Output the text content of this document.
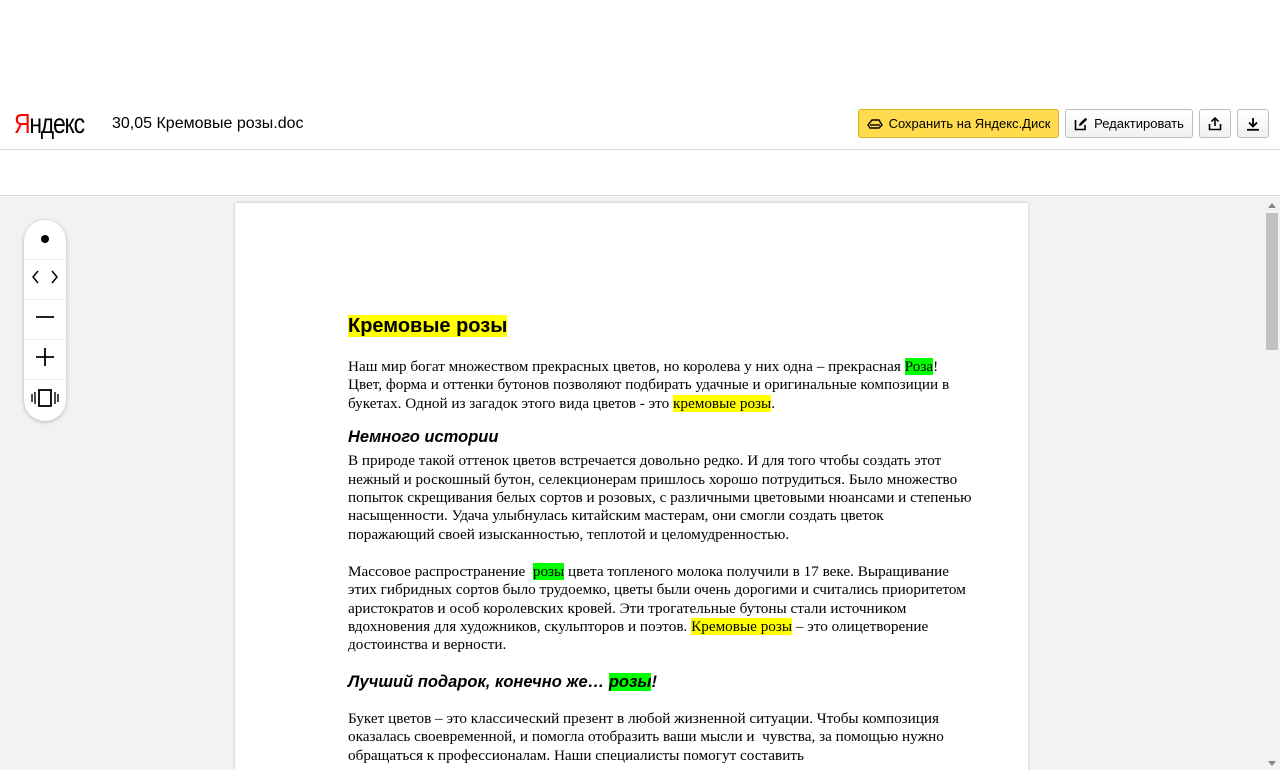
Яндекс 30,05 Кремовые розы.doc	Сохранить на Яндекс.Диск	Редактировать
Кремовые розы

Наш мир богат множеством прекрасных цветов, но королева у них одна – прекрасная Роза! Цвет, форма и оттенки бутонов позволяют подбирать удачные и оригинальные композиции в букетах. Одной из загадок этого вида цветов - это кремовые розы.

Немного истории

В природе такой оттенок цветов встречается довольно редко. И для того чтобы создать этот нежный и роскошный бутон, селекционерам пришлось хорошо потрудиться. Было множество попыток скрещивания белых сортов и розовых, с различными цветовыми нюансами и степенью насыщенности. Удача улыбнулась китайским мастерам, они смогли создать цветок поражающий своей изысканностью, теплотой и целомудренностью.

Массовое распространение  розы цвета топленого молока получили в 17 веке. Выращивание этих гибридных сортов было трудоемко, цветы были очень дорогими и считались приоритетом аристократов и особ королевских кровей. Эти трогательные бутоны стали источником вдохновения для художников, скульпторов и поэтов. Кремовые розы – это олицетворение достоинства и верности.

Лучший подарок, конечно же… розы!

Букет цветов – это классический презент в любой жизненной ситуации. Чтобы композиция оказалась своевременной, и помогла отобразить ваши мысли и  чувства, за помощью нужно обращаться к профессионалам. Наши специалисты помогут составить
